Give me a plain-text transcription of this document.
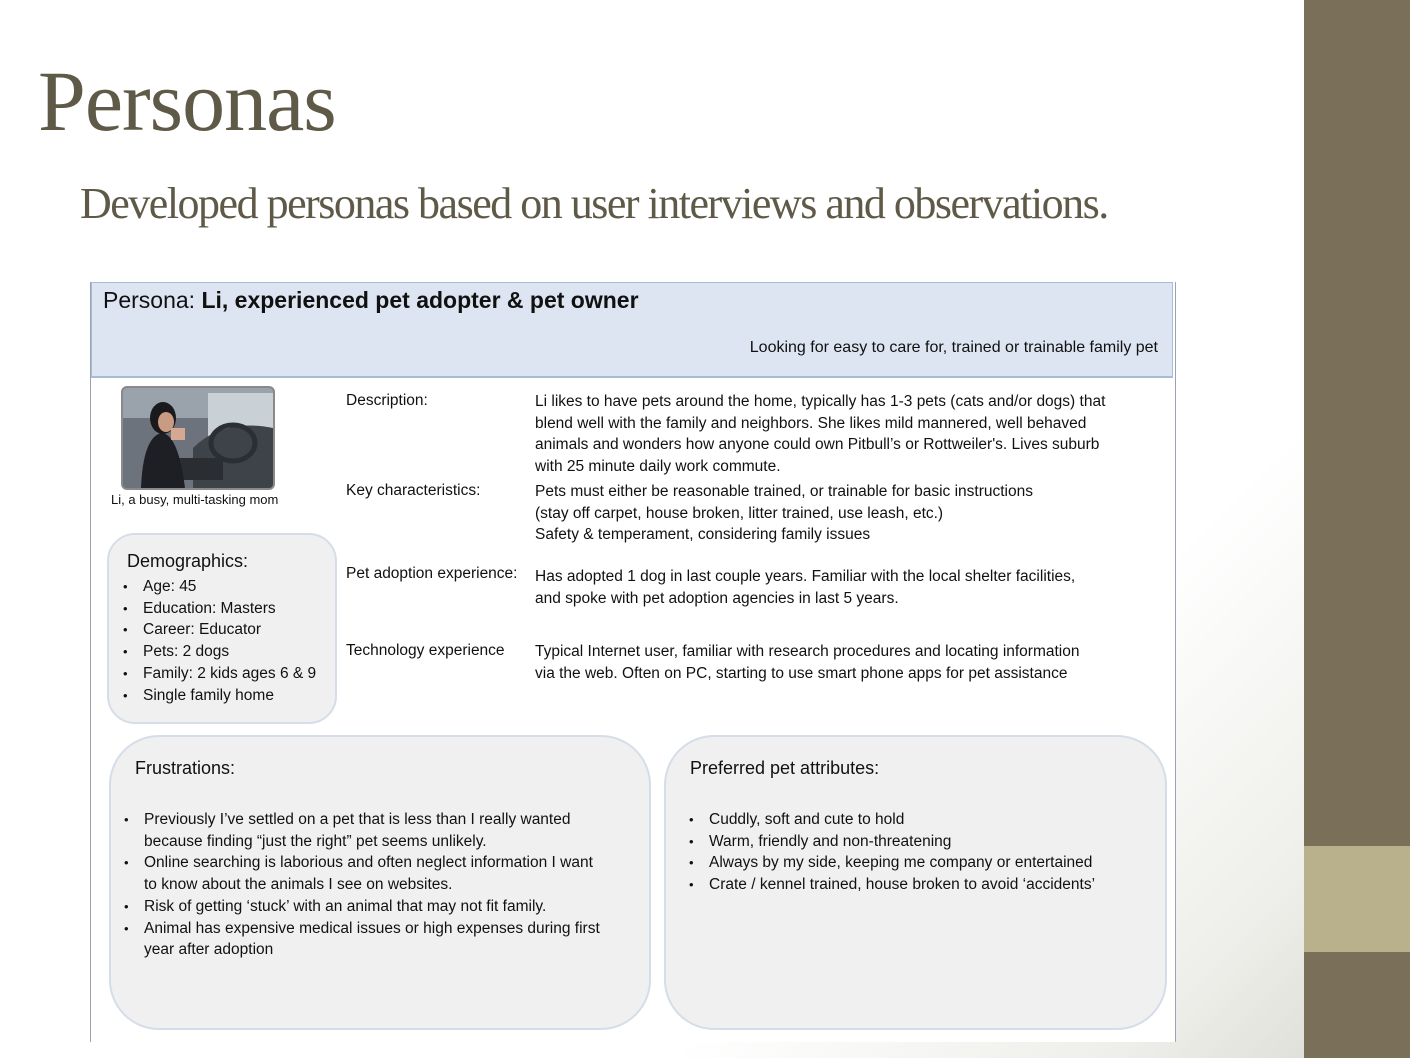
Personas
Developed personas based on user interviews and observations.
Persona: Li, experienced pet adopter & pet owner
Looking for easy to care for, trained or trainable family pet
Li, a busy, multi-tasking mom
Description:	Li likes to have pets around the home, typically has 1-3 pets (cats and/or dogs) that
blend well with the family and neighbors. She likes mild mannered, well behaved
animals and wonders how anyone could own Pitbull’s or Rottweiler's. Lives suburb
with 25 minute daily work commute.
Key characteristics:	Pets must either be reasonable trained, or trainable for basic instructions
(stay off carpet, house broken, litter trained, use leash, etc.)
Safety & temperament, considering family issues
Pet adoption experience: Has adopted 1 dog in last couple years. Familiar with the local shelter facilities,
and spoke with pet adoption agencies in last 5 years.
Technology experience Typical Internet user, familiar with research procedures and locating information
via the web. Often on PC, starting to use smart phone apps for pet assistance
Demographics:
• Age: 45
• Education: Masters
• Career: Educator
• Pets: 2 dogs
• Family: 2 kids ages 6 & 9
• Single family home
Frustrations:
• Previously I’ve settled on a pet that is less than I really wanted
because finding “just the right” pet seems unlikely.
• Online searching is laborious and often neglect information I want
to know about the animals I see on websites.
• Risk of getting ‘stuck’ with an animal that may not fit family.
• Animal has expensive medical issues or high expenses during first
year after adoption
Preferred pet attributes:
• Cuddly, soft and cute to hold
• Warm, friendly and non-threatening
• Always by my side, keeping me company or entertained
• Crate / kennel trained, house broken to avoid ‘accidents’
